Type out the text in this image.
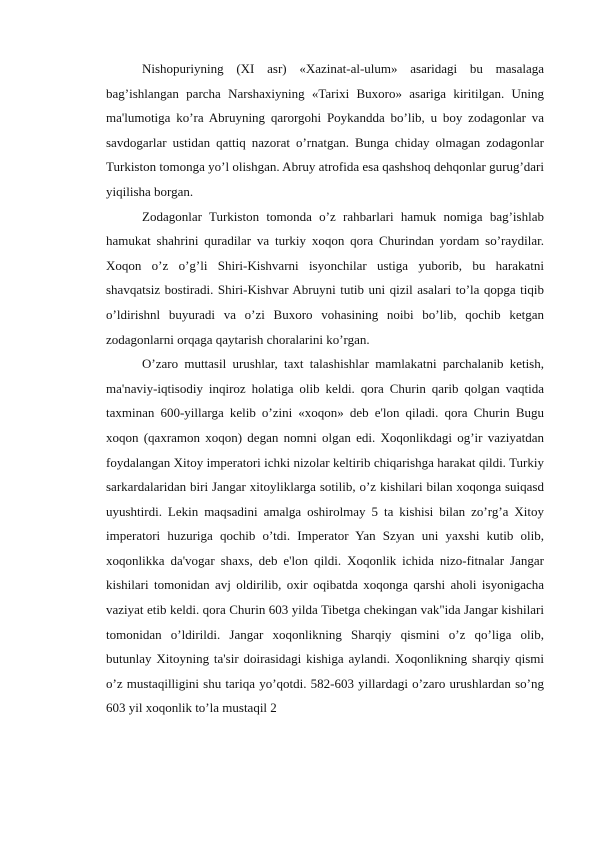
Nishopuriyning (XI asr) «Xazinat-al-ulum» asaridagi bu masalaga bag’ishlangan parcha Narshaxiyning «Tarixi Buxoro» asariga kiritilgan. Uning ma'lumotiga ko’ra Abruyning qarorgohi Poykandda bo’lib, u boy zodagonlar va savdogarlar ustidan qattiq nazorat o’rnatgan. Bunga chiday olmagan zodagonlar Turkiston tomonga yo’l olishgan. Abruy atrofida esa qashshoq dehqonlar gurug’dari yiqilisha borgan.

Zodagonlar Turkiston tomonda o’z rahbarlari hamuk nomiga bag’ishlab hamukat shahrini quradilar va turkiy xoqon qora Churindan yordam so’raydilar. Xoqon o’z o’g’li Shiri-Kishvarni isyonchilar ustiga yuborib, bu harakatni shavqatsiz bostiradi. Shiri-Kishvar Abruyni tutib uni qizil asalari to’la qopga tiqib o’ldirishnl buyuradi va o’zi Buxoro vohasining noibi bo’lib, qochib ketgan zodagonlarni orqaga qaytarish choralarini ko’rgan.

O’zaro muttasil urushlar, taxt talashishlar mamlakatni parchalanib ketish, ma'naviy-iqtisodiy inqiroz holatiga olib keldi. qora Churin qarib qolgan vaqtida taxminan 600-yillarga kelib o’zini «xoqon» deb e'lon qiladi. qora Churin Bugu xoqon (qaxramon xoqon) degan nomni olgan edi. Xoqonlikdagi og’ir vaziyatdan foydalangan Xitoy imperatori ichki nizolar keltirib chiqarishga harakat qildi. Turkiy sarkardalaridan biri Jangar xitoyliklarga sotilib, o’z kishilari bilan xoqonga suiqasd uyushtirdi. Lekin maqsadini amalga oshirolmay 5 ta kishisi bilan zo’rg’a Xitoy imperatori huzuriga qochib o’tdi. Imperator Yan Szyan uni yaxshi kutib olib, xoqonlikka da'vogar shaxs, deb e'lon qildi. Xoqonlik ichida nizo-fitnalar Jangar kishilari tomonidan avj oldirilib, oxir oqibatda xoqonga qarshi aholi isyonigacha vaziyat etib keldi. qora Churin 603 yilda Tibetga chekingan vak"ida Jangar kishilari tomonidan o’ldirildi. Jangar xoqonlikning Sharqiy qismini o’z qo’liga olib, butunlay Xitoyning ta'sir doirasidagi kishiga aylandi. Xoqonlikning sharqiy qismi o’z mustaqilligini shu tariqa yo’qotdi. 582-603 yillardagi o’zaro urushlardan so’ng 603 yil xoqonlik to’la mustaqil 2
